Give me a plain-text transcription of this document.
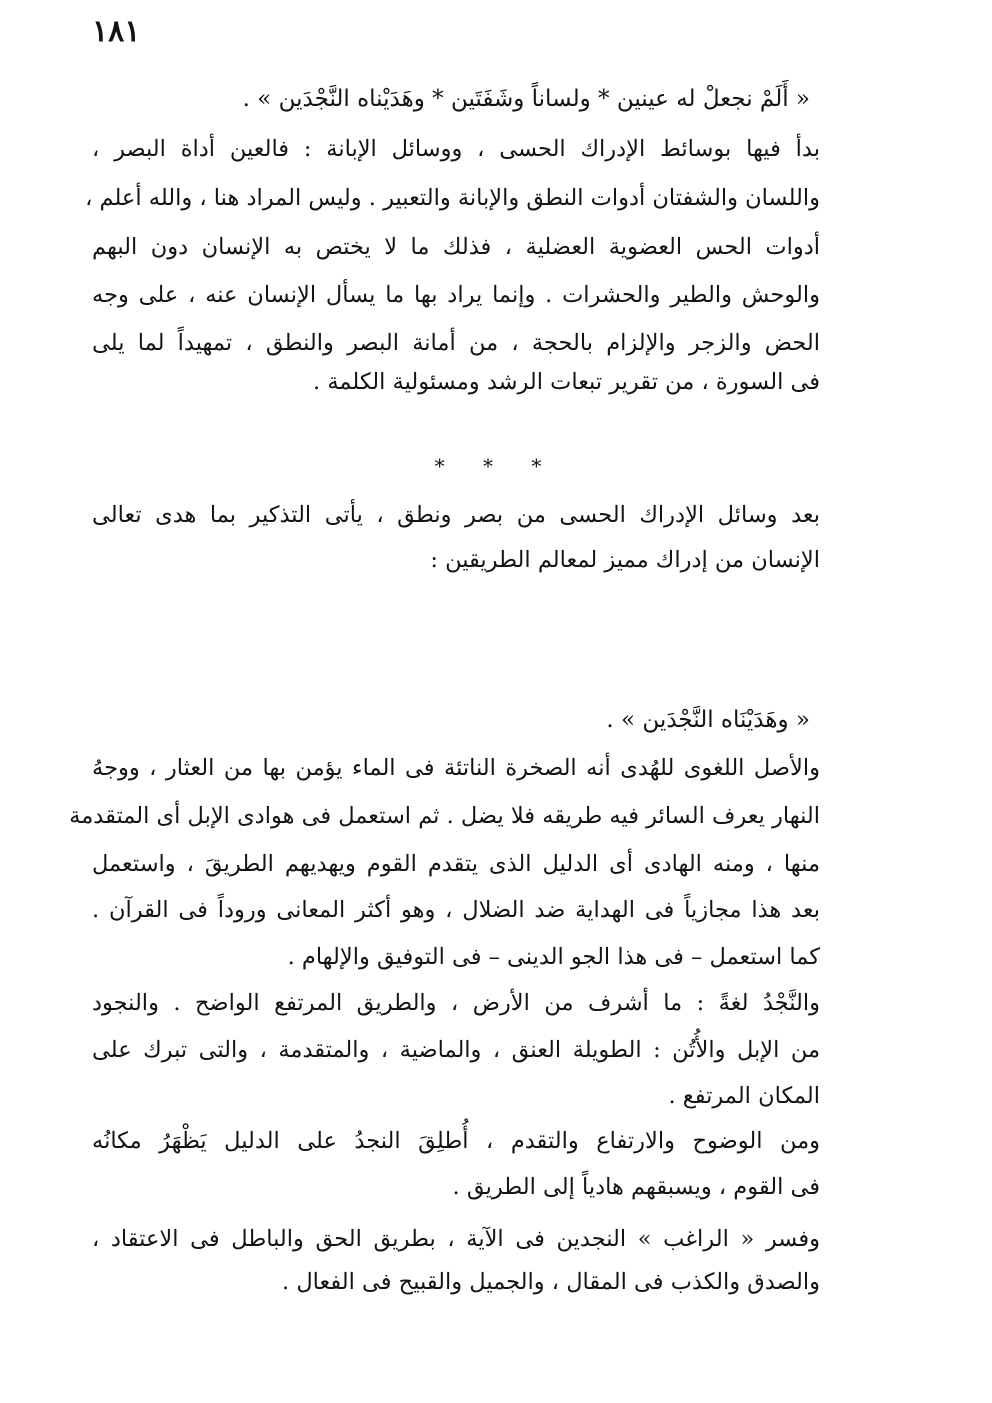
١٨١
« أَلَمْ نجعلْ له عينين * ولساناً وشَفَتَين * وهَدَيْناه النَّجْدَين » .
بدأ فيها بوسائط الإدراك الحسى ، ووسائل الإبانة : فالعين أداة البصر ،
واللسان والشفتان أدوات النطق والإبانة والتعبير . وليس المراد هنا ، والله أعلم ،
أدوات الحس العضوية العضلية ، فذلك ما لا يختص به الإنسان دون البهم
والوحش والطير والحشرات . وإنما يراد بها ما يسأل الإنسان عنه ، على وجه
الحض والزجر والإلزام بالحجة ، من أمانة البصر والنطق ، تمهيداً لما يلى
فى السورة ، من تقرير تبعات الرشد ومسئولية الكلمة .
* * *
بعد وسائل الإدراك الحسى من بصر ونطق ، يأتى التذكير بما هدى تعالى
الإنسان من إدراك مميز لمعالم الطريقين :
« وهَدَيْنَاه النَّجْدَين » .
والأصل اللغوى للهُدى أنه الصخرة الناتئة فى الماء يؤمن بها من العثار ، ووجهُ
النهار يعرف السائر فيه طريقه فلا يضل . ثم استعمل فى هوادى الإبل أى المتقدمة
منها ، ومنه الهادى أى الدليل الذى يتقدم القوم ويهديهم الطريقَ ، واستعمل
بعد هذا مجازياً فى الهداية ضد الضلال ، وهو أكثر المعانى وروداً فى القرآن .
كما استعمل – فى هذا الجو الدينى – فى التوفيق والإلهام .
والنَّجْدُ لغةً : ما أشرف من الأرض ، والطريق المرتفع الواضح . والنجود
من الإبل والأُتُن : الطويلة العنق ، والماضية ، والمتقدمة ، والتى تبرك على
المكان المرتفع .
ومن الوضوح والارتفاع والتقدم ، أُطلِقَ النجدُ على الدليل يَظْهَرُ مكانُه
فى القوم ، ويسبقهم هادياً إلى الطريق .
وفسر « الراغب » النجدين فى الآية ، بطريق الحق والباطل فى الاعتقاد ،
والصدق والكذب فى المقال ، والجميل والقبيح فى الفعال .
